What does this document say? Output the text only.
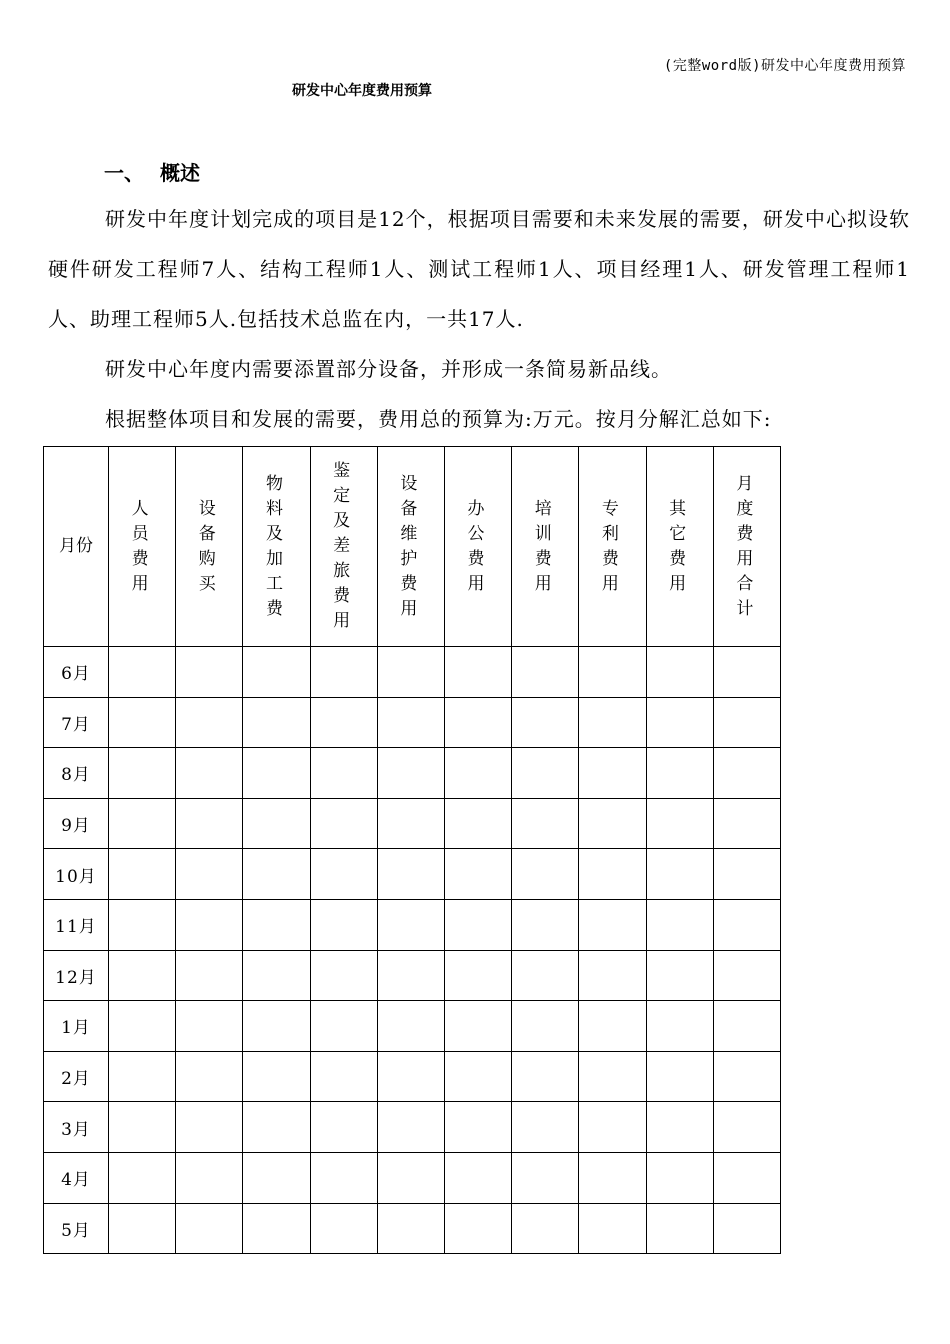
(完整word版)研发中心年度费用预算
研发中心年度费用预算
一、 概述
研发中年度计划完成的项目是12个，根据项目需要和未来发展的需要，研发中心拟设软硬件研发工程师7人、结构工程师1人、测试工程师1人、项目经理1人、研发管理工程师1人、助理工程师5人.包括技术总监在内，一共17人.
研发中心年度内需要添置部分设备，并形成一条简易新品线。
根据整体项目和发展的需要，费用总的预算为:万元。按月分解汇总如下:
月份	人员费用	设备购买	物料及加工费	鉴定及差旅费用	设备维护费用	办公费用	培训费用	专利费用	其它费用	月度费用合计
6月										
7月										
8月										
9月										
10月										
11月										
12月										
1月										
2月										
3月										
4月										
5月										
